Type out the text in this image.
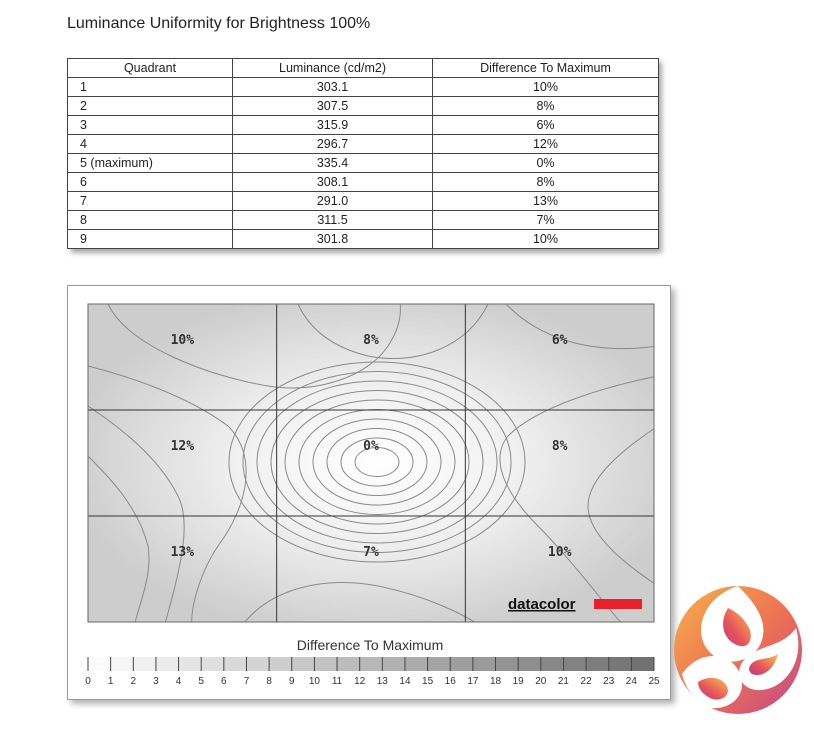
Luminance Uniformity for Brightness 100%
Quadrant	Luminance (cd/m2)	Difference To Maximum
1	303.1	10%
2	307.5	8%
3	315.9	6%
4	296.7	12%
5 (maximum)	335.4	0%
6	308.1	8%
7	291.0	13%
8	311.5	7%
9	301.8	10%
10%	8%	6%
12%	0%	8%
13%	7%	10%
datacolor
Difference To Maximum
0 1 2 3 4 5 6 7 8 9 10 11 12 13 14 15 16 17 18 19 20 21 22 23 24 25
